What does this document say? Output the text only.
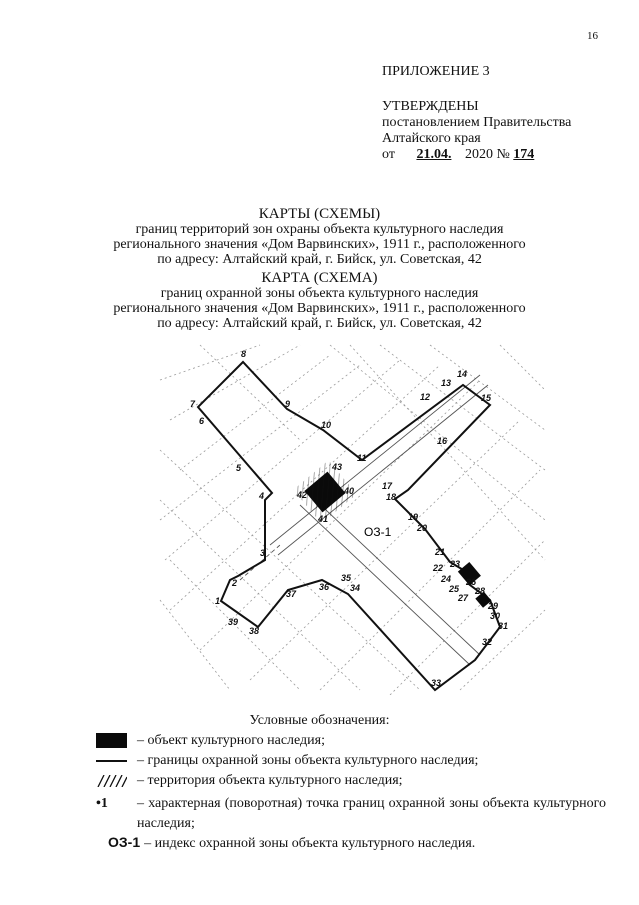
16
ПРИЛОЖЕНИЕ 3
УТВЕРЖДЕНЫ
постановлением Правительства
Алтайского края
от 21.04. 2020 № 174
КАРТЫ (СХЕМЫ)
границ территорий зон охраны объекта культурного наследия
регионального значения «Дом Варвинских», 1911 г., расположенного
по адресу: Алтайский край, г. Бийск, ул. Советская, 42
КАРТА (СХЕМА)
границ охранной зоны объекта культурного наследия
регионального значения «Дом Варвинских», 1911 г., расположенного
по адресу: Алтайский край, г. Бийск, ул. Советская, 42
ОЗ-1
1
2
3
4
5
6
7
8
9
10
11
12
13
14
15
16
17
18
19
20
21
22 23
24
25
26
27
28
29
30
31
32
33
34
35
36
37
38
39
40
41
42
43
Условные обозначения:
– объект культурного наследия;
– границы охранной зоны объекта культурного наследия;
– территория объекта культурного наследия;
•1	– характерная (поворотная) точка границ охранной зоны объекта культурного наследия;
ОЗ-1 – индекс охранной зоны объекта культурного наследия.
